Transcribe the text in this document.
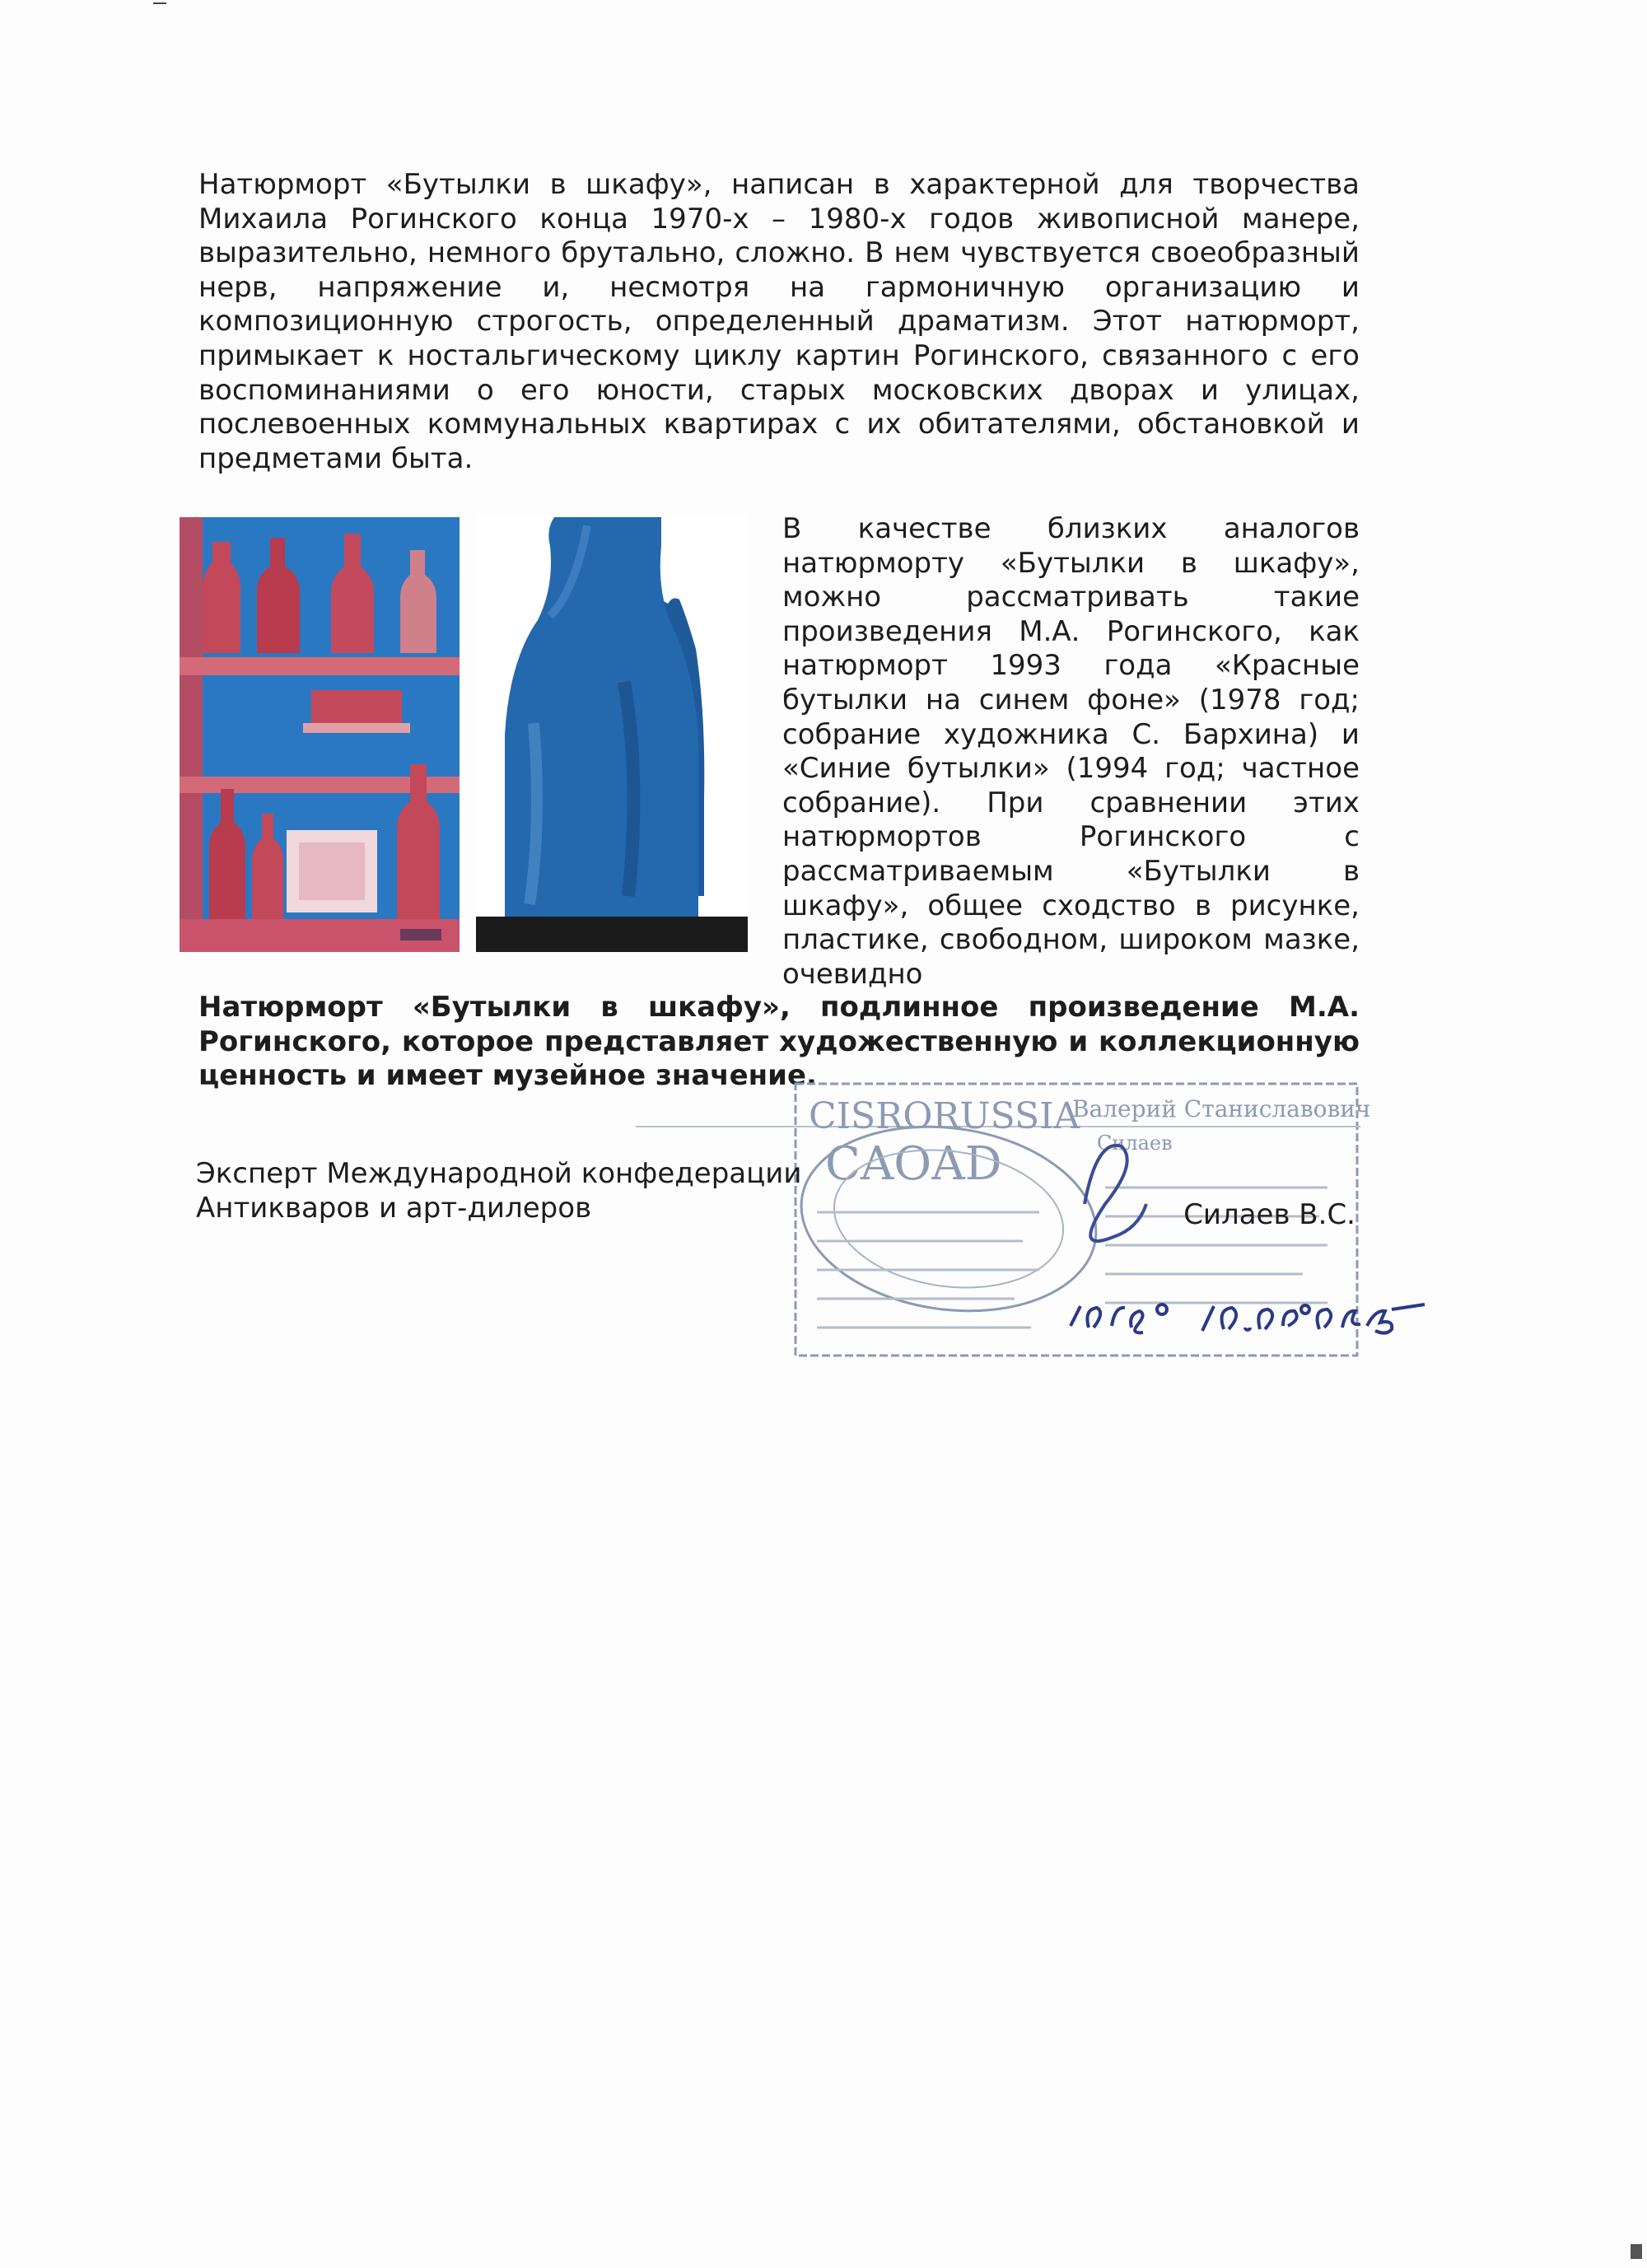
Натюрморт «Бутылки в шкафу», написан в характерной для творчества Михаила Рогинского конца 1970-х – 1980-х годов живописной манере, выразительно, немного брутально, сложно. В нем чувствуется своеобразный нерв, напряжение и, несмотря на гармоничную организацию и композиционную строгость, определенный драматизм. Этот натюрморт, примыкает к ностальгическому циклу картин Рогинского, связанного с его воспоминаниями о его юности, старых московских дворах и улицах, послевоенных коммунальных квартирах с их обитателями, обстановкой и предметами быта.

В качестве близких аналогов натюрморту «Бутылки в шкафу», можно рассматривать такие произведения М.А. Рогинского, как натюрморт 1993 года «Красные бутылки на синем фоне» (1978 год; собрание художника С. Бархина) и «Синие бутылки» (1994 год; частное собрание). При сравнении этих натюрмортов Рогинского с рассматриваемым «Бутылки в шкафу», общее сходство в рисунке, пластике, свободном, широком мазке, очевидно

Натюрморт «Бутылки в шкафу», подлинное произведение М.А. Рогинского, которое представляет художественную и коллекционную ценность и имеет музейное значение.

CISRORUSSIA
Валерий Станиславович
Силаев
CAOAD
Эксперт Международной конфедерации
Антикваров и арт-дилеров	Силаев В.С.
